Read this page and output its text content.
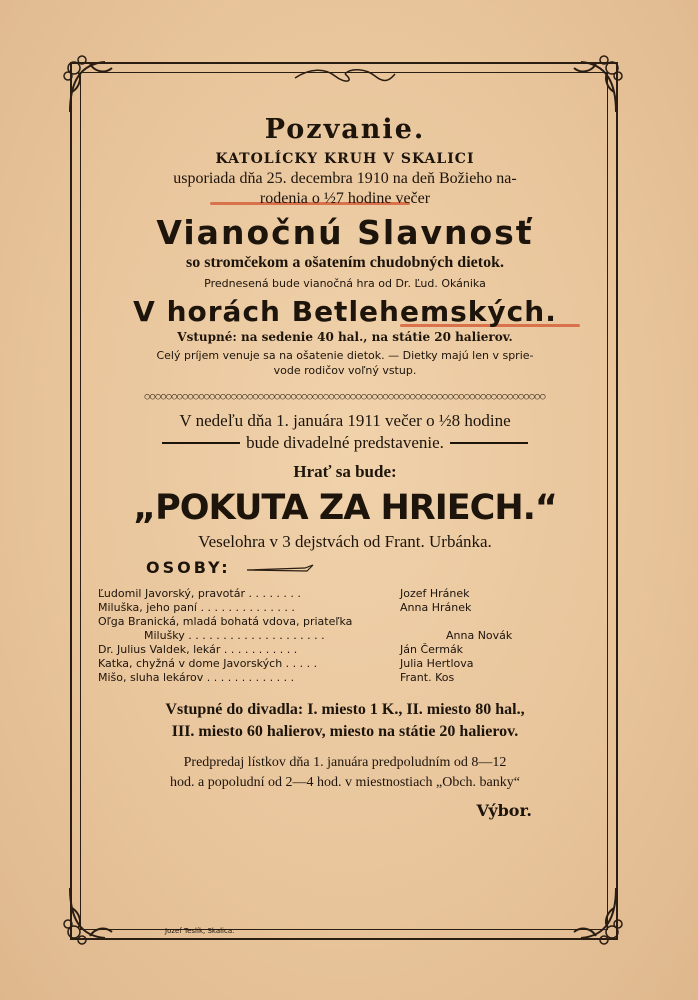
Pozvanie.
KATOLÍCKY KRUH V SKALICI

usporiada dňa 25. decembra 1910 na deň Božieho na-

rodenia o ½7 hodine večer

Vianočnú Slavnosť
so stromčekom a ošatením chudobných dietok.

Prednesená bude vianočná hra od Dr. Ľud. Okánika

V horách Betlehemských.
Vstupné: na sedenie 40 hal., na státie 20 halierov.

Celý príjem venuje sa na ošatenie dietok. — Dietky majú len v sprie-

vode rodičov voľný vstup.

○○○○○○○○○○○○○○○○○○○○○○○○○○○○○○○○○○○○○○○○○○○○○○○○○○○○○○○○○○○○○○○○○○○○○○○○○○

V nedeľu dňa 1. januára 1911 večer o ½8 hodine

bude divadelné predstavenie.
Hrať sa bude:
„POKUTA ZA HRIECH.“

Veselohra v 3 dejstvách od Frant. Urbánka.

OSOBY:
Ľudomil Javorský, pravotár . . . . . . . .	Jozef Hránek
Miluška, jeho paní . . . . . . . . . . . . . .	Anna Hránek
Oľga Branická, mladá bohatá vdova, priateľka
Milušky . . . . . . . . . . . . . . . . . . . .	Anna Novák
Dr. Julius Valdek, lekár . . . . . . . . . . .	Ján Čermák
Katka, chyžná v dome Javorských . . . . .	Julia Hertlova
Mišo, sluha lekárov . . . . . . . . . . . . .	Frant. Kos
Vstupné do divadla: I. miesto 1 K., II. miesto 80 hal.,
III. miesto 60 halierov, miesto na státie 20 halierov.

Predpredaj lístkov dňa 1. januára predpoludním od 8—12

hod. a popoludní od 2—4 hod. v miestnostiach „Obch. banky“

Výbor.
Jozef Teslík, Skalica.
